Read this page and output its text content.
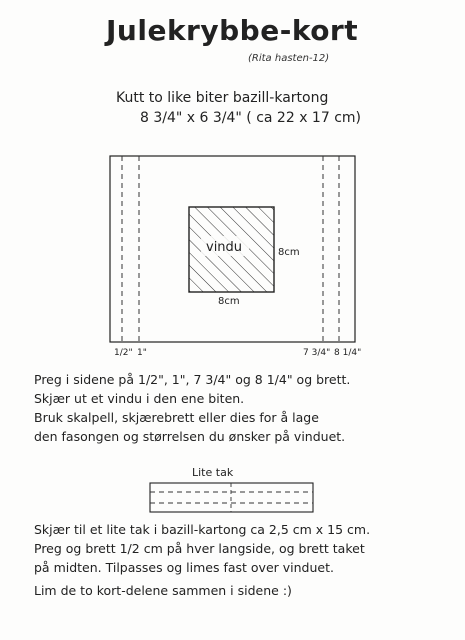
Julekrybbe-kort
(Rita hasten-12)
Kutt to like biter bazill-kartong
8 3/4" x 6 3/4" ( ca 22 x 17 cm)
vindu	8cm
8cm
1/2" 1"	7 3/4" 8 1/4"
Preg i sidene på 1/2", 1", 7 3/4" og 8 1/4" og brett.
Skjær ut et vindu i den ene biten.
Bruk skalpell, skjærebrett eller dies for å lage
den fasongen og størrelsen du ønsker på vinduet.
Lite tak
Skjær til et lite tak i bazill-kartong ca 2,5 cm x 15 cm.
Preg og brett 1/2 cm på hver langside, og brett taket
på midten. Tilpasses og limes fast over vinduet.
Lim de to kort-delene sammen i sidene :)
